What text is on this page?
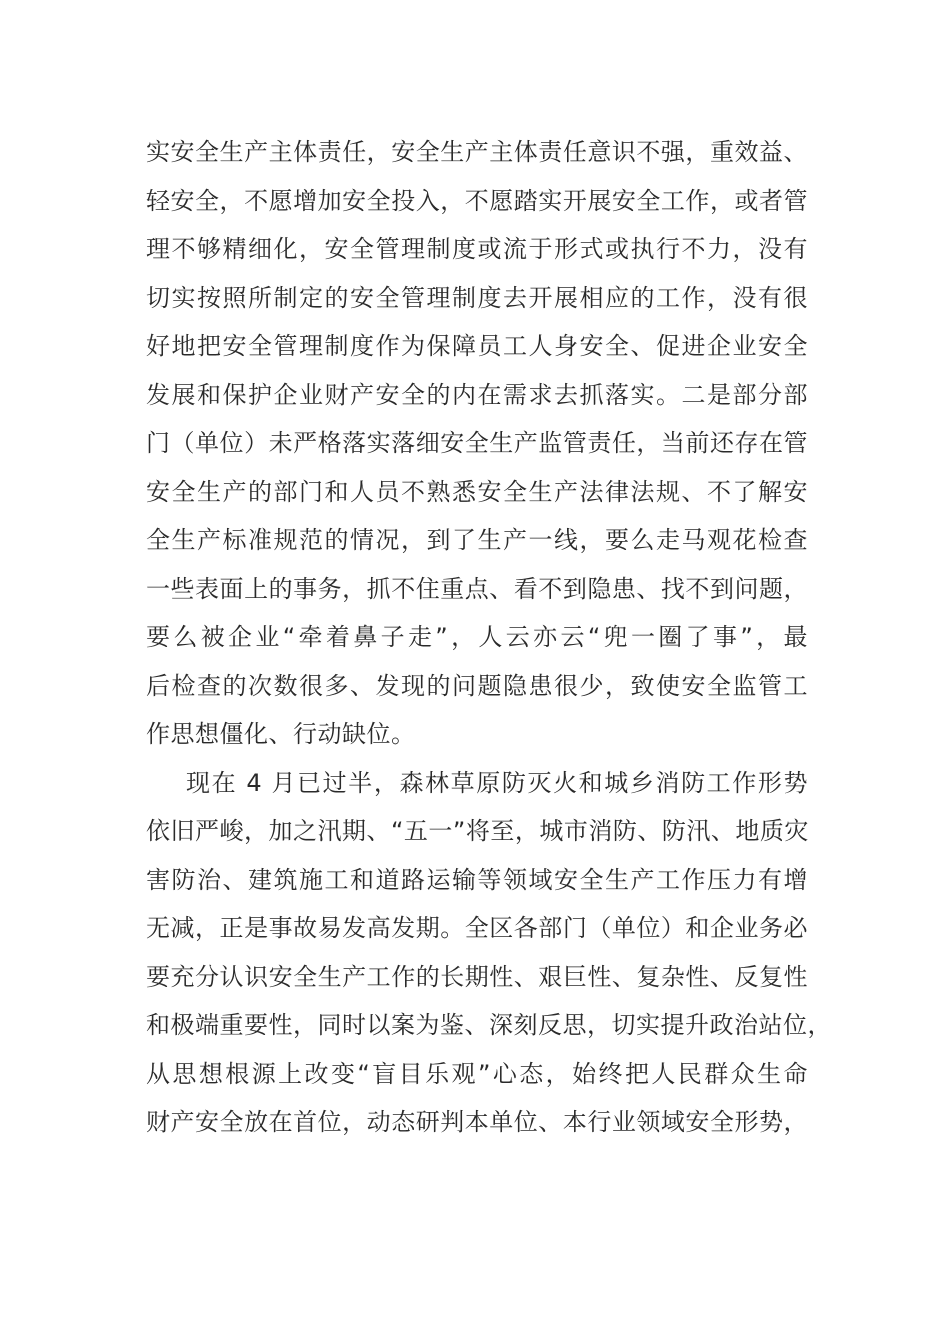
实安全生产主体责任，安全生产主体责任意识不强，重效益、
轻安全，不愿增加安全投入，不愿踏实开展安全工作，或者管
理不够精细化，安全管理制度或流于形式或执行不力，没有
切实按照所制定的安全管理制度去开展相应的工作，没有很
好地把安全管理制度作为保障员工人身安全、促进企业安全
发展和保护企业财产安全的内在需求去抓落实。二是部分部
门（单位）未严格落实落细安全生产监管责任，当前还存在管
安全生产的部门和人员不熟悉安全生产法律法规、不了解安
全生产标准规范的情况，到了生产一线，要么走马观花检查
一些表面上的事务，抓不住重点、看不到隐患、找不到问题，
要么被企业“牵着鼻子走”，人云亦云“兜一圈了事”，最
后检查的次数很多、发现的问题隐患很少，致使安全监管工
作思想僵化、行动缺位。
现在 4 月已过半，森林草原防灭火和城乡消防工作形势
依旧严峻，加之汛期、“五一”将至，城市消防、防汛、地质灾
害防治、建筑施工和道路运输等领域安全生产工作压力有增
无减，正是事故易发高发期。全区各部门（单位）和企业务必
要充分认识安全生产工作的长期性、艰巨性、复杂性、反复性
和极端重要性，同时以案为鉴、深刻反思，切实提升政治站位，
从思想根源上改变“盲目乐观”心态，始终把人民群众生命
财产安全放在首位，动态研判本单位、本行业领域安全形势，
